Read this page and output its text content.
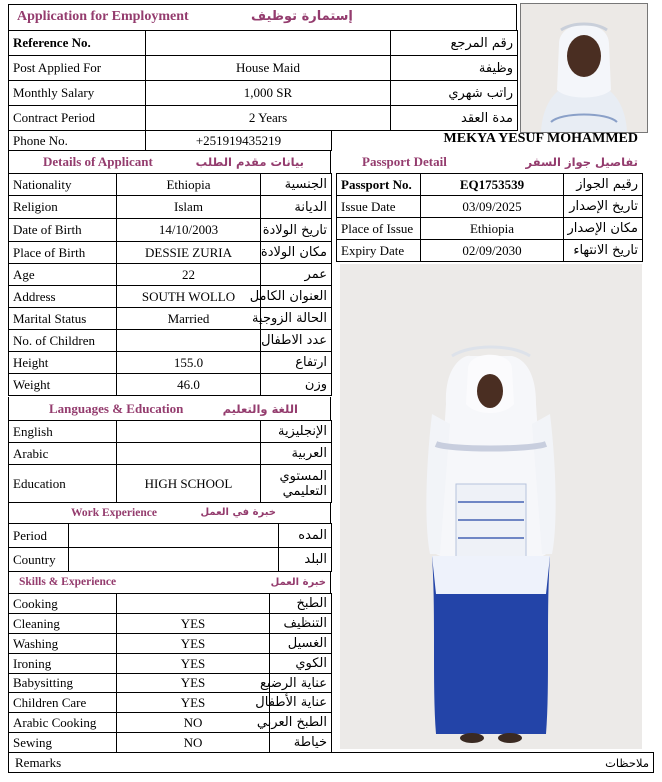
Application for Employment	إستمارة توظيف
Reference No.		رقم المرجع
Post Applied For	House Maid	وظيفة
Monthly Salary	1,000 SR	راتب شهري
Contract Period	2 Years	مدة العقد
Phone No.	+251919435219	MEKYA YESUF MOHAMMED
Details of Applicant	بيانات مقدم الطلب
Nationality	Ethiopia	الجنسية
Religion	Islam	الديانة
Date of Birth	14/10/2003	تاريخ الولادة
Place of Birth	DESSIE ZURIA	مكان الولادة
Age	22	عمر
Address	SOUTH WOLLO	العنوان الكامل
Marital Status	Married	الحالة الزوجية
No. of Children		عدد الاطفال
Height	155.0	ارتفاع
Weight	46.0	وزن
Passport Detail	تفاصيل جواز السفر
Passport No.	EQ1753539	رقيم الجواز
Issue Date	03/09/2025	تاريخ الإصدار
Place of Issue	Ethiopia	مكان الإصدار
Expiry Date	02/09/2030	تاريخ الانتهاء
Languages & Education	اللغة والتعليم
English		الإنجليزية
Arabic		العربية
Education	HIGH SCHOOL	المستوي
التعليمي
Work Experience	خبرة في العمل
Period		المده
Country		البلد
Skills & Experience	خبرة العمل
Cooking		الطبخ
Cleaning	YES	التنظيف
Washing	YES	الغسيل
Ironing	YES	الكوي
Babysitting	YES	عناية الرضيع
Children Care	YES	عناية الأطفال
Arabic Cooking	NO	الطبخ العربي
Sewing	NO	خياطة
Remarks	ملاحظات
